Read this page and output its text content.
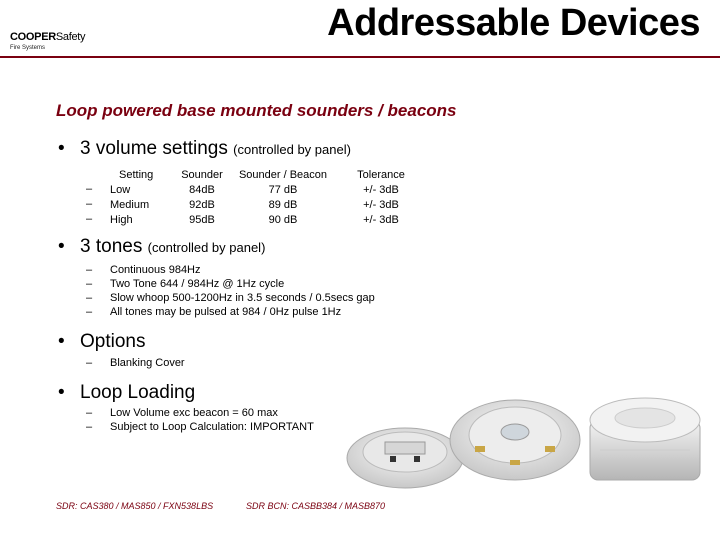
COOPERSafety
Fire Systems
Addressable Devices
Loop powered base mounted sounders / beacons
• 3 volume settings (controlled by panel)
–
–
–
Setting
Low
Medium
High
Sounder
84dB
92dB
95dB
Sounder / Beacon
77 dB
89 dB
90 dB
Tolerance
+/- 3dB
+/- 3dB
+/- 3dB
• 3 tones (controlled by panel)
– Continuous 984Hz
– Two Tone 644 / 984Hz @ 1Hz cycle
– Slow whoop 500-1200Hz in 3.5 seconds / 0.5secs gap
– All tones may be pulsed at 984 / 0Hz pulse 1Hz
• Options
– Blanking Cover
• Loop Loading
– Low Volume exc beacon = 60 max
– Subject to Loop Calculation: IMPORTANT
SDR: CAS380 / MAS850 / FXN538LBS	SDR BCN: CASBB384 / MASB870
